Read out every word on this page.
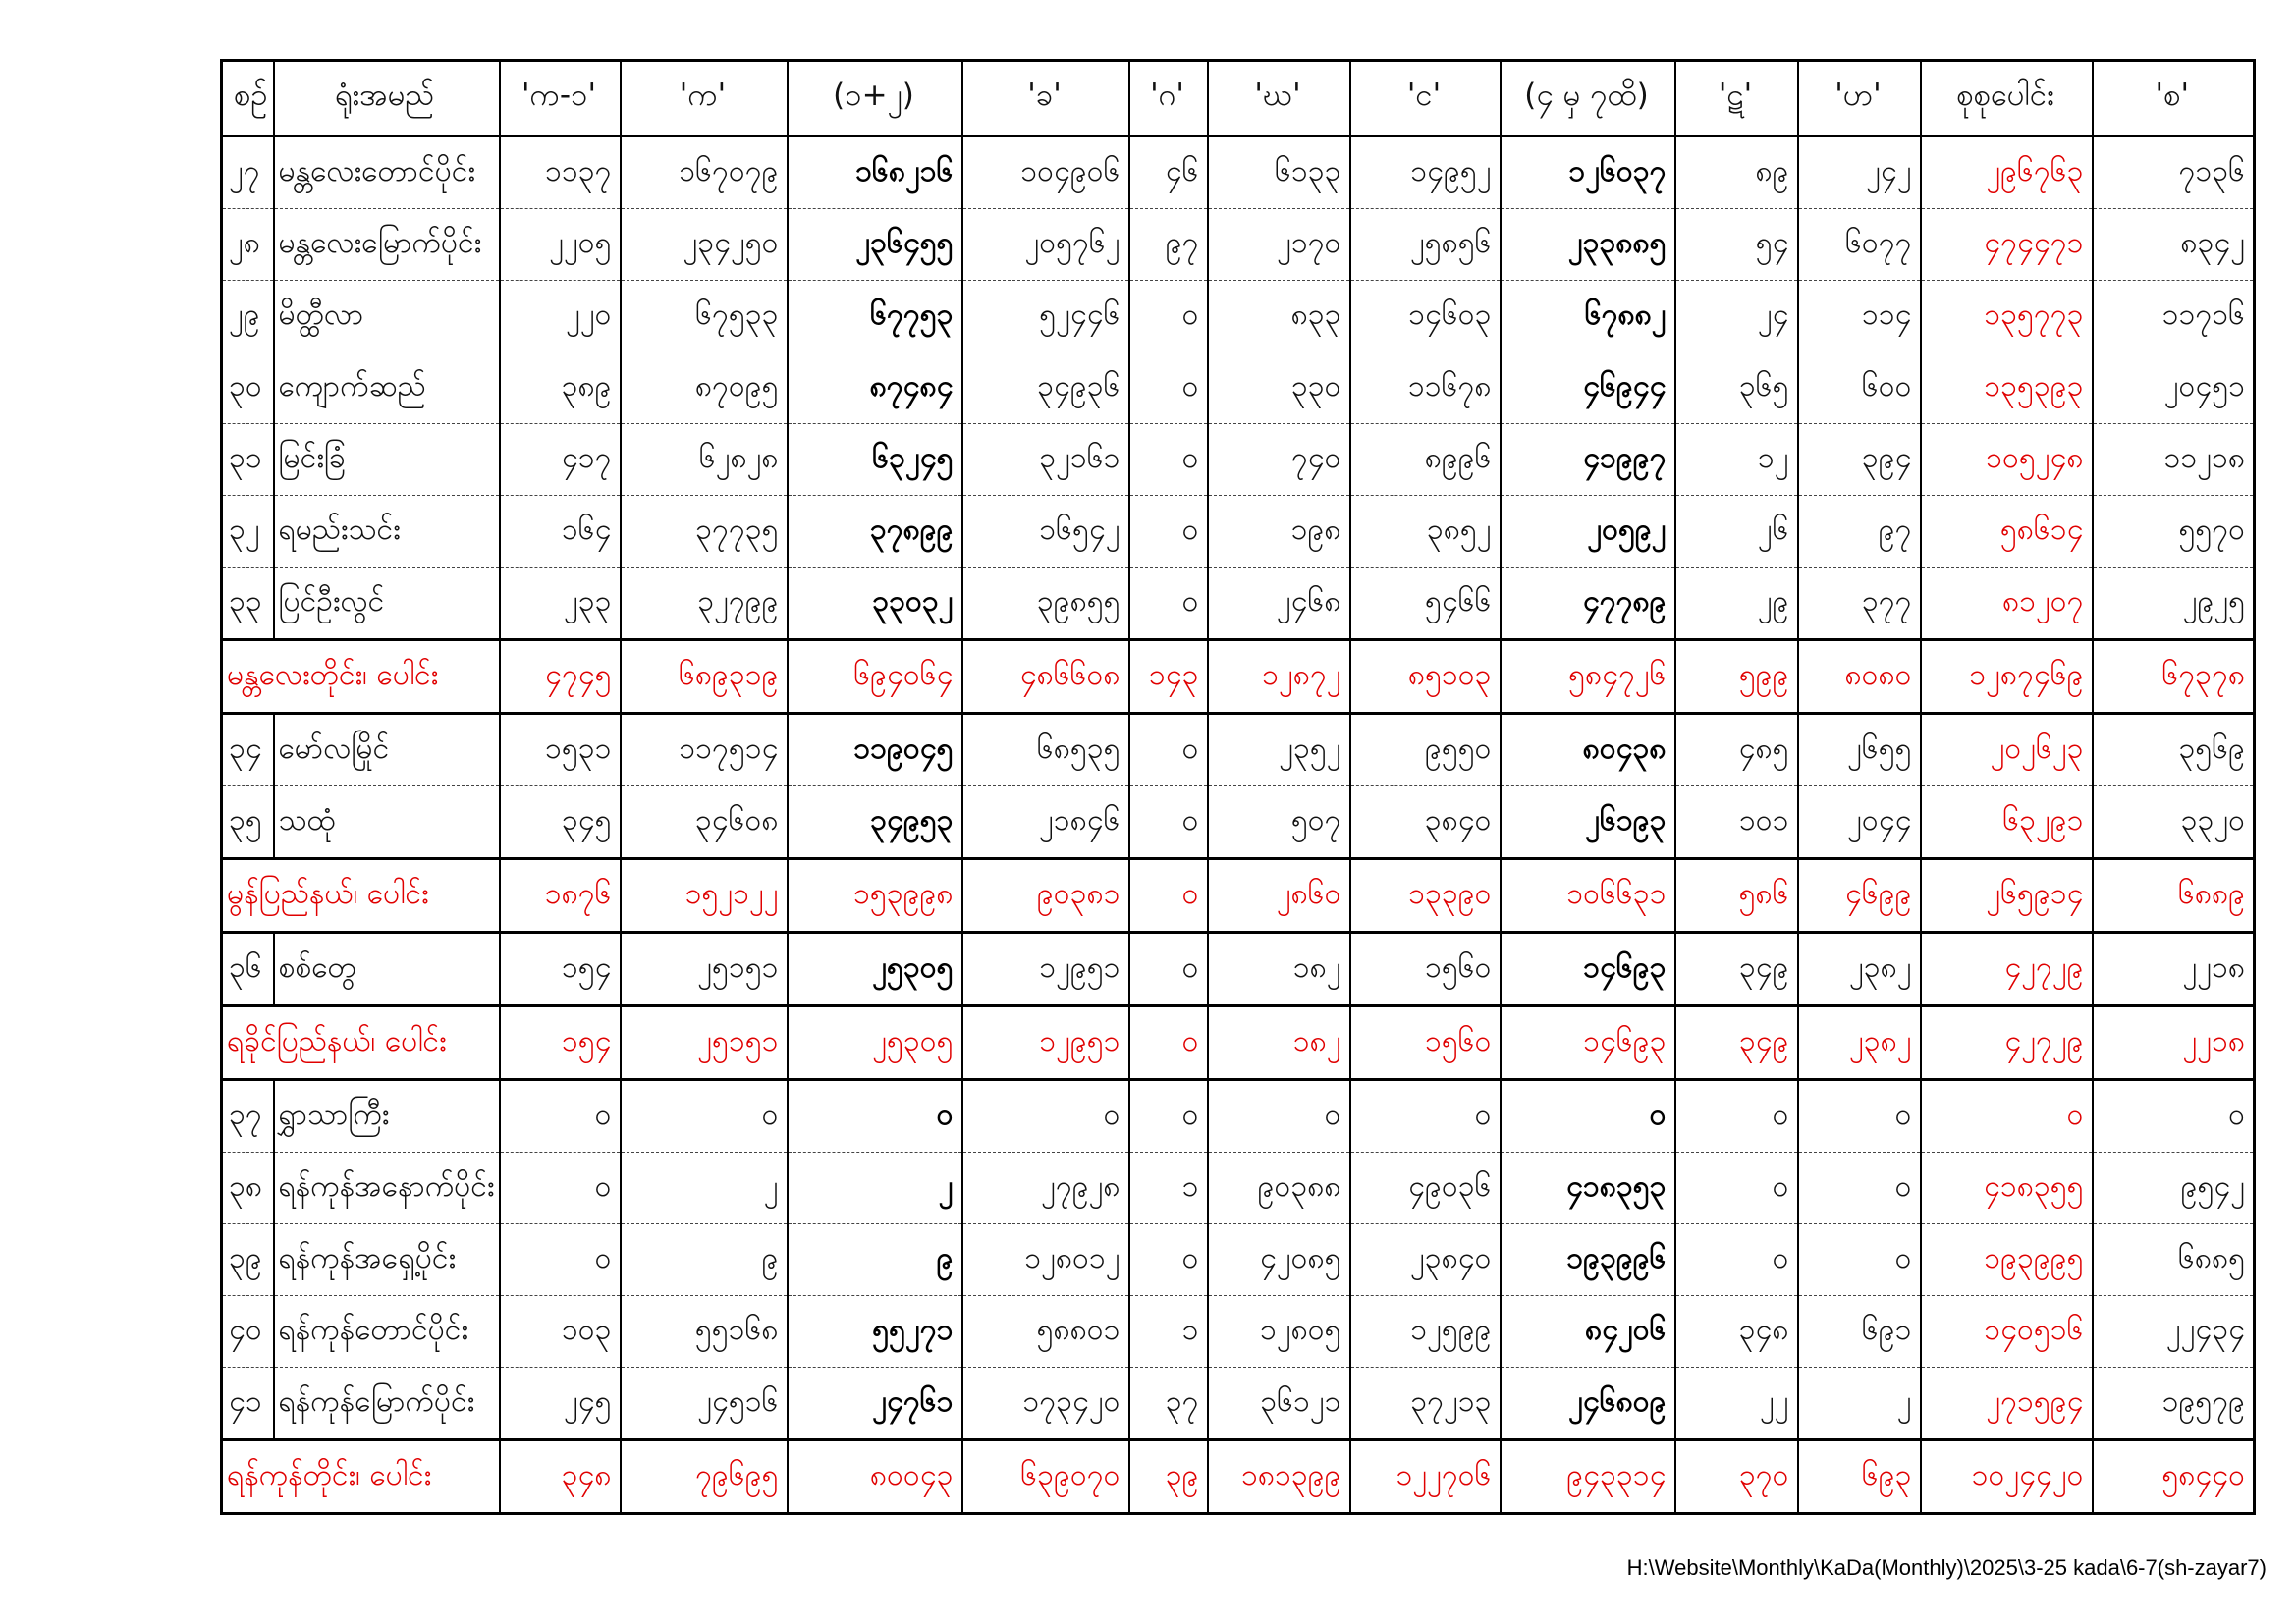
စဉ်	ရုံးအမည်	'က-၁'	'က'	(၁+၂)	'ခ'	'ဂ'	'ဃ'	'င'	(၄ မှ ၇ထိ)	'ဋ'	'ဟ'	စုစုပေါင်း	'စ'
၂၇	မန္တလေးတောင်ပိုင်း	၁၁၃၇	၁၆၇၀၇၉	၁၆၈၂၁၆	၁၀၄၉၀၆	၄၆	၆၁၃၃	၁၄၉၅၂	၁၂၆၀၃၇	၈၉	၂၄၂	၂၉၆၇၆၃	၇၁၃၆
၂၈	မန္တလေးမြောက်ပိုင်း	၂၂၀၅	၂၃၄၂၅၀	၂၃၆၄၅၅	၂၀၅၇၆၂	၉၇	၂၁၇၀	၂၅၈၅၆	၂၃၃၈၈၅	၅၄	၆၀၇၇	၄၇၄၄၇၁	၈၃၄၂
၂၉	မိတ္ထီလာ	၂၂၀	၆၇၅၃၃	၆၇၇၅၃	၅၂၄၄၆	၀	၈၃၃	၁၄၆၀၃	၆၇၈၈၂	၂၄	၁၁၄	၁၃၅၇၇၃	၁၁၇၁၆
၃၀	ကျောက်ဆည်	၃၈၉	၈၇၀၉၅	၈၇၄၈၄	၃၄၉၃၆	၀	၃၃၀	၁၁၆၇၈	၄၆၉၄၄	၃၆၅	၆၀၀	၁၃၅၃၉၃	၂၀၄၅၁
၃၁	မြင်းခြံ	၄၁၇	၆၂၈၂၈	၆၃၂၄၅	၃၂၁၆၁	၀	၇၄၀	၈၉၉၆	၄၁၉၉၇	၁၂	၃၉၄	၁၀၅၂၄၈	၁၁၂၁၈
၃၂	ရမည်းသင်း	၁၆၄	၃၇၇၃၅	၃၇၈၉၉	၁၆၅၄၂	၀	၁၉၈	၃၈၅၂	၂၀၅၉၂	၂၆	၉၇	၅၈၆၁၄	၅၅၇၀
၃၃	ပြင်ဦးလွင်	၂၃၃	၃၂၇၉၉	၃၃၀၃၂	၃၉၈၅၅	၀	၂၄၆၈	၅၄၆၆	၄၇၇၈၉	၂၉	၃၇၇	၈၁၂၀၇	၂၉၂၅
မန္တလေးတိုင်း၊ ပေါင်း		၄၇၄၅	၆၈၉၃၁၉	၆၉၄၀၆၄	၄၈၆၆၀၈	၁၄၃	၁၂၈၇၂	၈၅၁၀၃	၅၈၄၇၂၆	၅၉၉	၈၀၈၀	၁၂၈၇၄၆၉	၆၇၃၇၈
၃၄	မော်လမြိုင်	၁၅၃၁	၁၁၇၅၁၄	၁၁၉၀၄၅	၆၈၅၃၅	၀	၂၃၅၂	၉၅၅၀	၈၀၄၃၈	၄၈၅	၂၆၅၅	၂၀၂၆၂၃	၃၅၆၉
၃၅	သထုံ	၃၄၅	၃၄၆၀၈	၃၄၉၅၃	၂၁၈၄၆	၀	၅၀၇	၃၈၄၀	၂၆၁၉၃	၁၀၁	၂၀၄၄	၆၃၂၉၁	၃၃၂၀
မွန်ပြည်နယ်၊ ပေါင်း		၁၈၇၆	၁၅၂၁၂၂	၁၅၃၉၉၈	၉၀၃၈၁	၀	၂၈၆၀	၁၃၃၉၀	၁၀၆၆၃၁	၅၈၆	၄၆၉၉	၂၆၅၉၁၄	၆၈၈၉
၃၆	စစ်တွေ	၁၅၄	၂၅၁၅၁	၂၅၃၀၅	၁၂၉၅၁	၀	၁၈၂	၁၅၆၀	၁၄၆၉၃	၃၄၉	၂၃၈၂	၄၂၇၂၉	၂၂၁၈
ရခိုင်ပြည်နယ်၊ ပေါင်း		၁၅၄	၂၅၁၅၁	၂၅၃၀၅	၁၂၉၅၁	၀	၁၈၂	၁၅၆၀	၁၄၆၉၃	၃၄၉	၂၃၈၂	၄၂၇၂၉	၂၂၁၈
၃၇	ရွှာသာကြီး	၀	၀	၀	၀	၀	၀	၀	၀	၀	၀	၀	၀
၃၈	ရန်ကုန်အနောက်ပိုင်း	၀	၂	၂	၂၇၉၂၈	၁	၉၀၃၈၈	၄၉၀၃၆	၄၁၈၃၅၃	၀	၀	၄၁၈၃၅၅	၉၅၄၂
၃၉	ရန်ကုန်အရှေ့ပိုင်း	၀	၉	၉	၁၂၈၀၁၂	၀	၄၂၀၈၅	၂၃၈၄၀	၁၉၃၉၉၆	၀	၀	၁၉၃၉၉၅	၆၈၈၅
၄၀	ရန်ကုန်တောင်ပိုင်း	၁၀၃	၅၅၁၆၈	၅၅၂၇၁	၅၈၈၀၁	၁	၁၂၈၀၅	၁၂၅၉၉	၈၄၂၀၆	၃၄၈	၆၉၁	၁၄၀၅၁၆	၂၂၄၃၄
၄၁	ရန်ကုန်မြောက်ပိုင်း	၂၄၅	၂၄၅၁၆	၂၄၇၆၁	၁၇၃၄၂၀	၃၇	၃၆၁၂၁	၃၇၂၁၃	၂၄၆၈၀၉	၂၂	၂	၂၇၁၅၉၄	၁၉၅၇၉
ရန်ကုန်တိုင်း၊ ပေါင်း		၃၄၈	၇၉၆၉၅	၈၀၀၄၃	၆၃၉၀၇၀	၃၉	၁၈၁၃၉၉	၁၂၂၇၀၆	၉၄၃၃၁၄	၃၇၀	၆၉၃	၁၀၂၄၄၂၀	၅၈၄၄၀
H:\Website\Monthly\KaDa(Monthly)\2025\3-25 kada\6-7(sh-zayar7)
